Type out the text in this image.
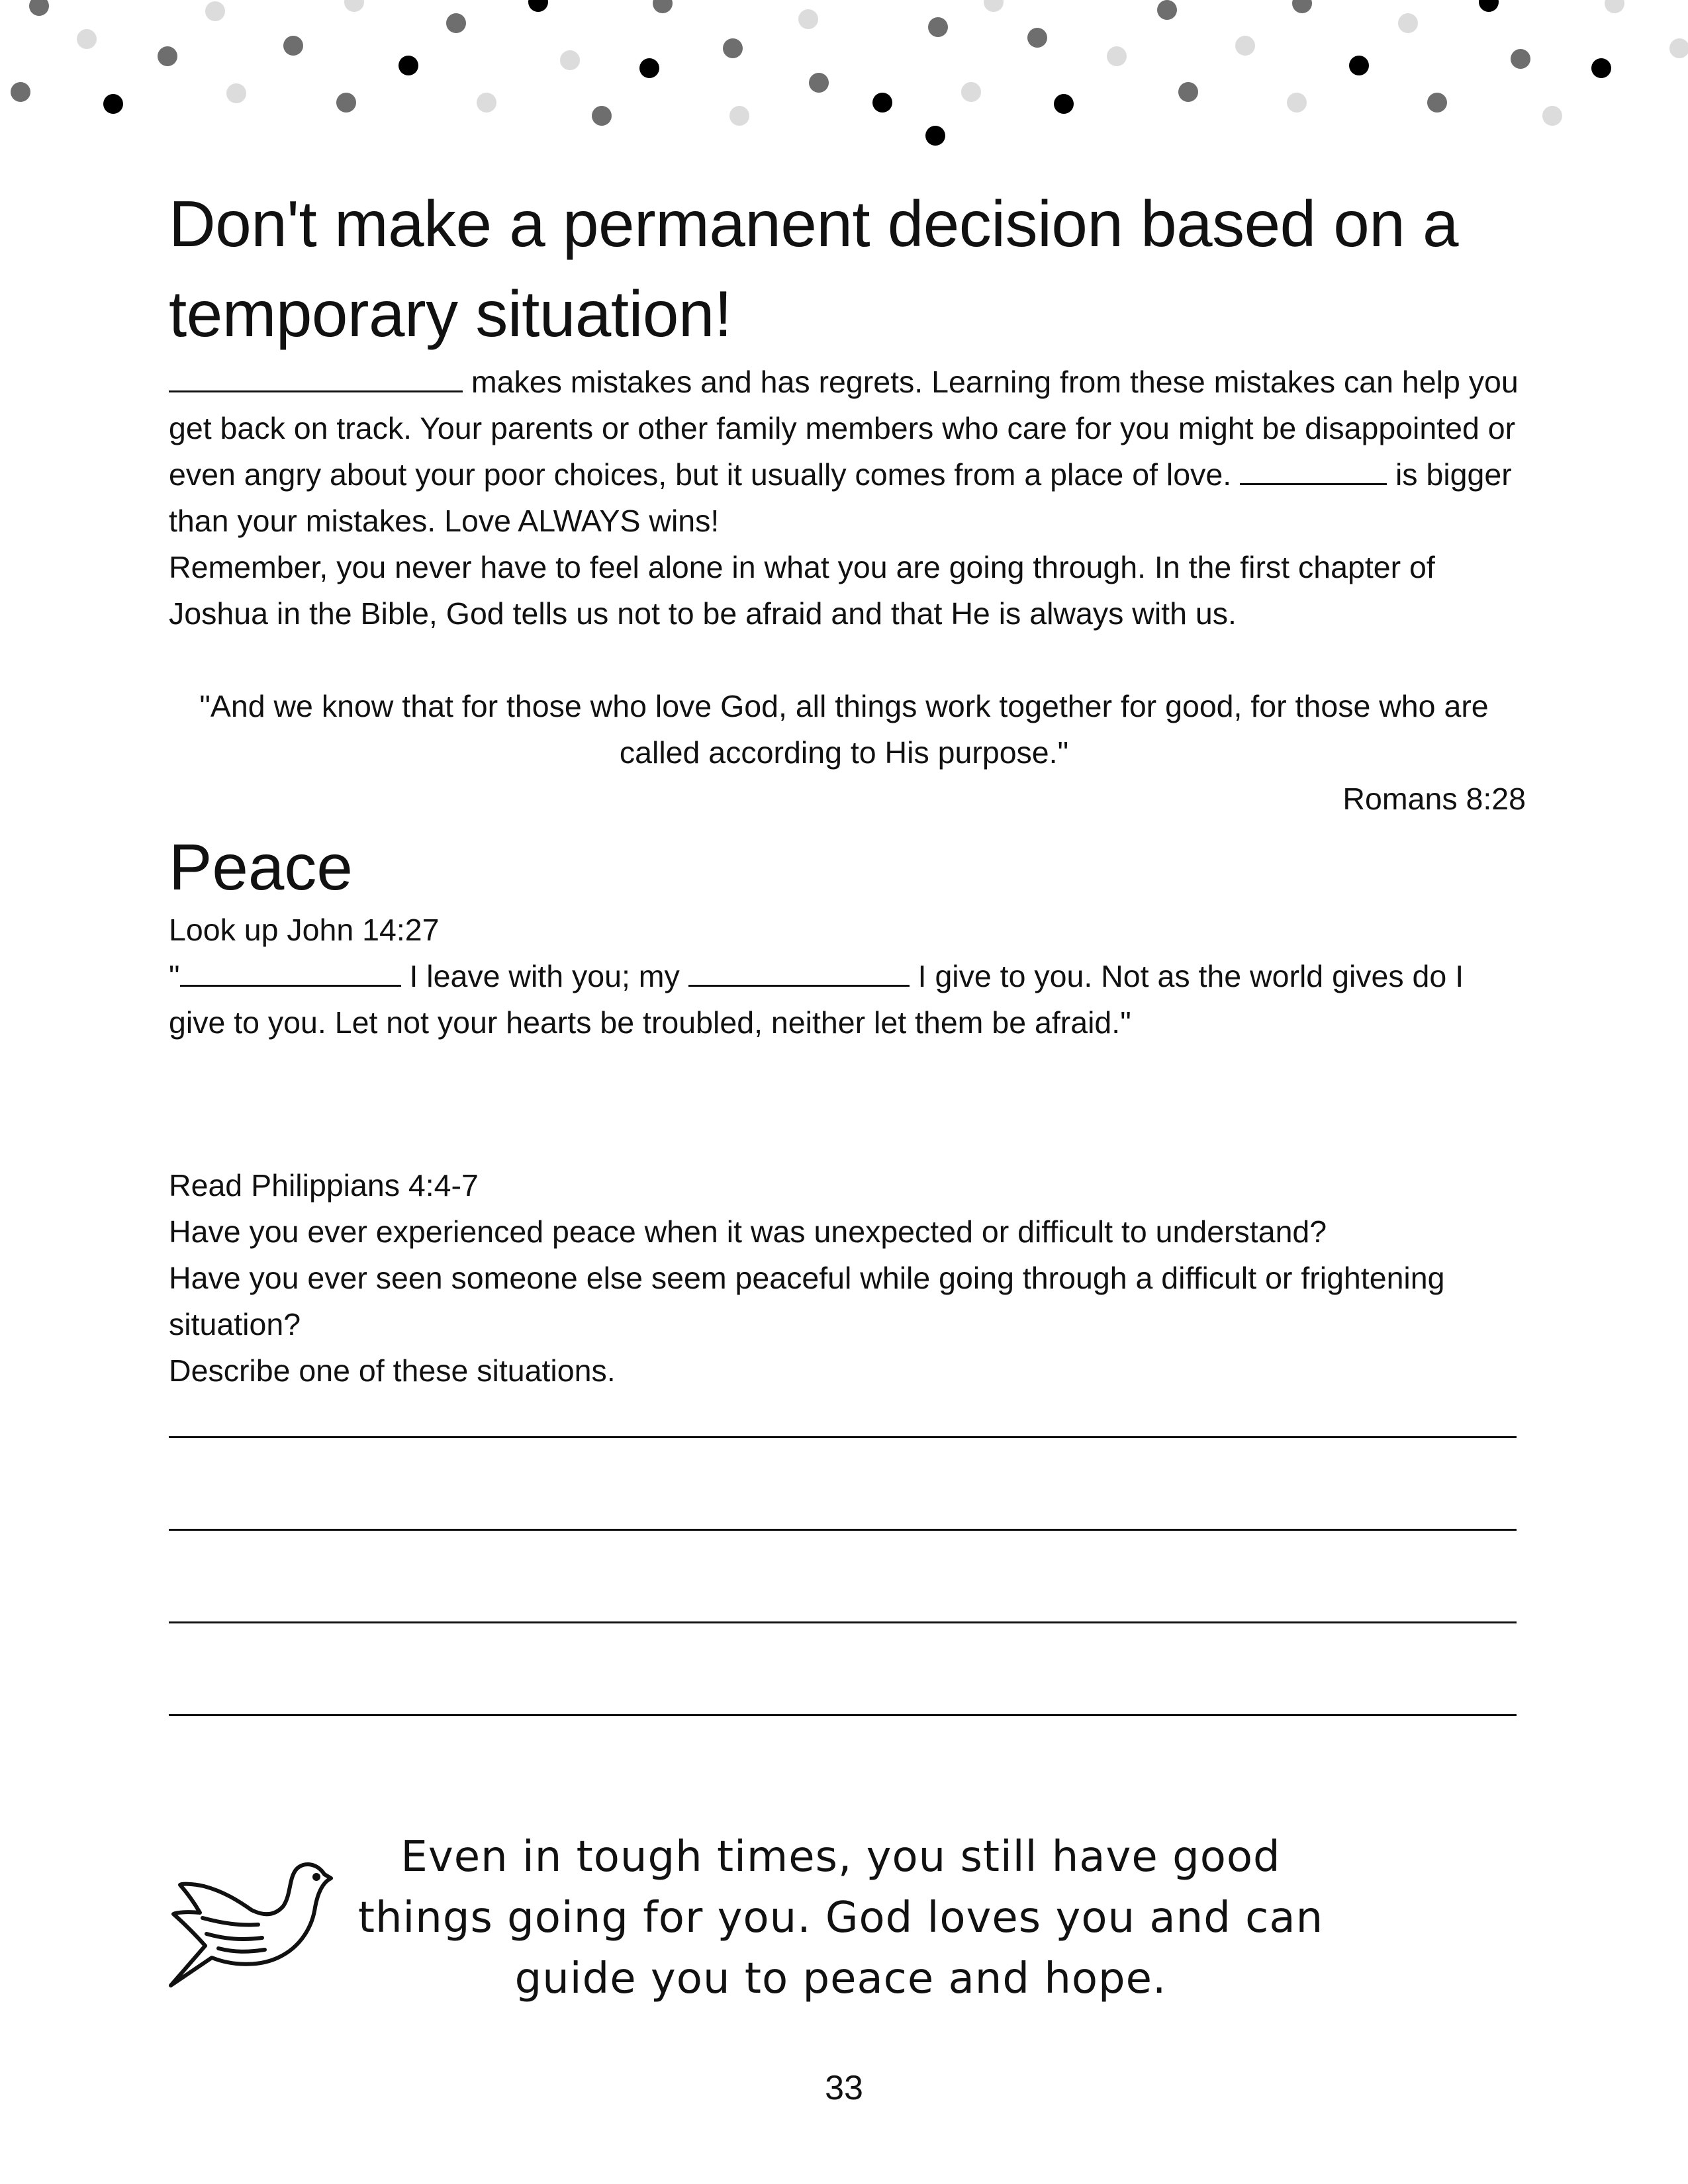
Don't make a permanent decision based on a temporary situation!

makes mistakes and has regrets. Learning from these mistakes can help you get back on track. Your parents or other family members who care for you might be disappointed or even angry about your poor choices, but it usually comes from a place of love.	is bigger than your mistakes. Love ALWAYS wins!

Remember, you never have to feel alone in what you are going through. In the first chapter of Joshua in the Bible, God tells us not to be afraid and that He is always with us.

"And we know that for those who love God, all things work together for good, for those who are called according to His purpose."
Romans 8:28
Peace

Look up John 14:27

"	I leave with you; my	I give to you. Not as the world gives do I give to you. Let not your hearts be troubled, neither let them be afraid."

Read Philippians 4:4-7

Have you ever experienced peace when it was unexpected or difficult to understand?

Have you ever seen someone else seem peaceful while going through a difficult or frightening situation?

Describe one of these situations.

Even in tough times, you still have good things going for you. God loves you and can guide you to peace and hope.
33
